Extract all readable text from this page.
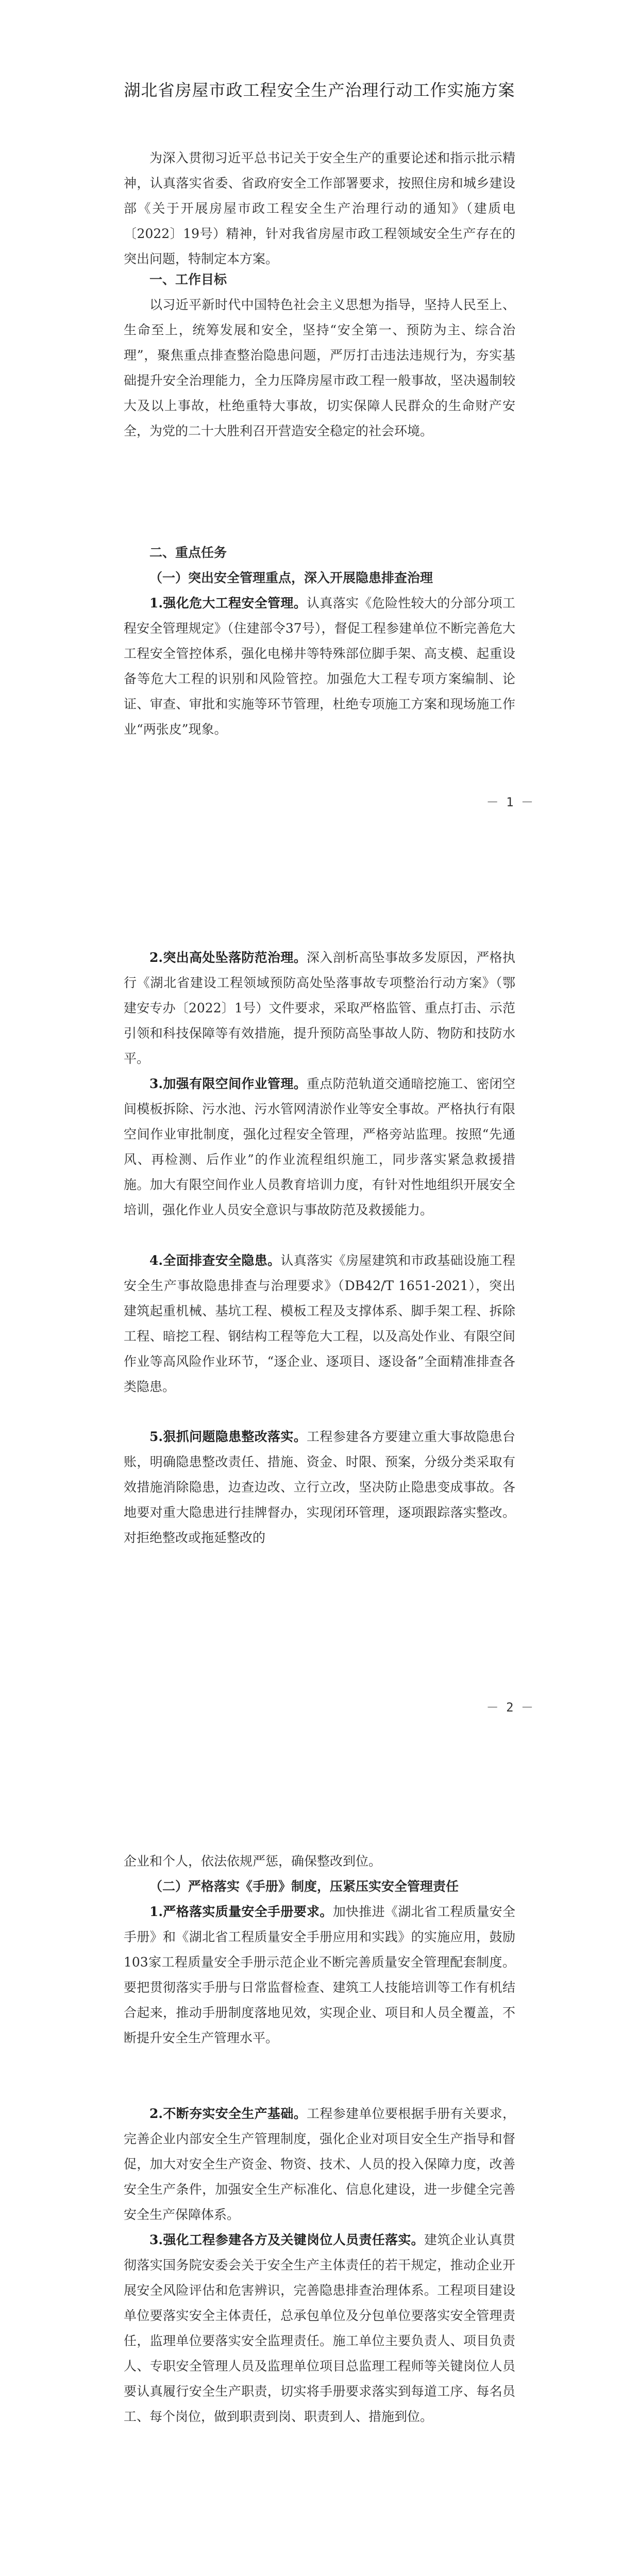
湖北省房屋市政工程安全生产治理行动工作实施方案

为深入贯彻习近平总书记关于安全生产的重要论述和指示批示精神，认真落实省委、省政府安全工作部署要求，按照住房和城乡建设部《关于开展房屋市政工程安全生产治理行动的通知》（建质电〔2022〕19号）精神，针对我省房屋市政工程领域安全生产存在的突出问题，特制定本方案。

一、工作目标

以习近平新时代中国特色社会主义思想为指导，坚持人民至上、生命至上，统筹发展和安全，坚持“安全第一、预防为主、综合治理”，聚焦重点排查整治隐患问题，严厉打击违法违规行为，夯实基础提升安全治理能力，全力压降房屋市政工程一般事故，坚决遏制较大及以上事故，杜绝重特大事故，切实保障人民群众的生命财产安全，为党的二十大胜利召开营造安全稳定的社会环境。

二、重点任务

（一）突出安全管理重点，深入开展隐患排查治理

1.强化危大工程安全管理。认真落实《危险性较大的分部分项工程安全管理规定》（住建部令37号），督促工程参建单位不断完善危大工程安全管控体系，强化电梯井等特殊部位脚手架、高支模、起重设备等危大工程的识别和风险管控。加强危大工程专项方案编制、论证、审查、审批和实施等环节管理，杜绝专项施工方案和现场施工作业“两张皮”现象。

－ 1 －

2.突出高处坠落防范治理。深入剖析高坠事故多发原因，严格执行《湖北省建设工程领域预防高处坠落事故专项整治行动方案》（鄂建安专办〔2022〕1号）文件要求，采取严格监管、重点打击、示范引领和科技保障等有效措施，提升预防高坠事故人防、物防和技防水平。

3.加强有限空间作业管理。重点防范轨道交通暗挖施工、密闭空间模板拆除、污水池、污水管网清淤作业等安全事故。严格执行有限空间作业审批制度，强化过程安全管理，严格旁站监理。按照“先通风、再检测、后作业”的作业流程组织施工，同步落实紧急救援措施。加大有限空间作业人员教育培训力度，有针对性地组织开展安全培训，强化作业人员安全意识与事故防范及救援能力。

4.全面排查安全隐患。认真落实《房屋建筑和市政基础设施工程安全生产事故隐患排查与治理要求》（DB42/T 1651-2021），突出建筑起重机械、基坑工程、模板工程及支撑体系、脚手架工程、拆除工程、暗挖工程、钢结构工程等危大工程，以及高处作业、有限空间作业等高风险作业环节，“逐企业、逐项目、逐设备”全面精准排查各类隐患。

5.狠抓问题隐患整改落实。工程参建各方要建立重大事故隐患台账，明确隐患整改责任、措施、资金、时限、预案，分级分类采取有效措施消除隐患，边查边改、立行立改，坚决防止隐患变成事故。各地要对重大隐患进行挂牌督办，实现闭环管理，逐项跟踪落实整改。对拒绝整改或拖延整改的

－ 2 －

企业和个人，依法依规严惩，确保整改到位。

（二）严格落实《手册》制度，压紧压实安全管理责任

1.严格落实质量安全手册要求。加快推进《湖北省工程质量安全手册》和《湖北省工程质量安全手册应用和实践》的实施应用，鼓励103家工程质量安全手册示范企业不断完善质量安全管理配套制度。要把贯彻落实手册与日常监督检查、建筑工人技能培训等工作有机结合起来，推动手册制度落地见效，实现企业、项目和人员全覆盖，不断提升安全生产管理水平。

2.不断夯实安全生产基础。工程参建单位要根据手册有关要求，完善企业内部安全生产管理制度，强化企业对项目安全生产指导和督促，加大对安全生产资金、物资、技术、人员的投入保障力度，改善安全生产条件，加强安全生产标准化、信息化建设，进一步健全完善安全生产保障体系。

3.强化工程参建各方及关键岗位人员责任落实。建筑企业认真贯彻落实国务院安委会关于安全生产主体责任的若干规定，推动企业开展安全风险评估和危害辨识，完善隐患排查治理体系。工程项目建设单位要落实安全主体责任，总承包单位及分包单位要落实安全管理责任，监理单位要落实安全监理责任。施工单位主要负责人、项目负责人、专职安全管理人员及监理单位项目总监理工程师等关键岗位人员要认真履行安全生产职责，切实将手册要求落实到每道工序、每名员工、每个岗位，做到职责到岗、职责到人、措施到位。
